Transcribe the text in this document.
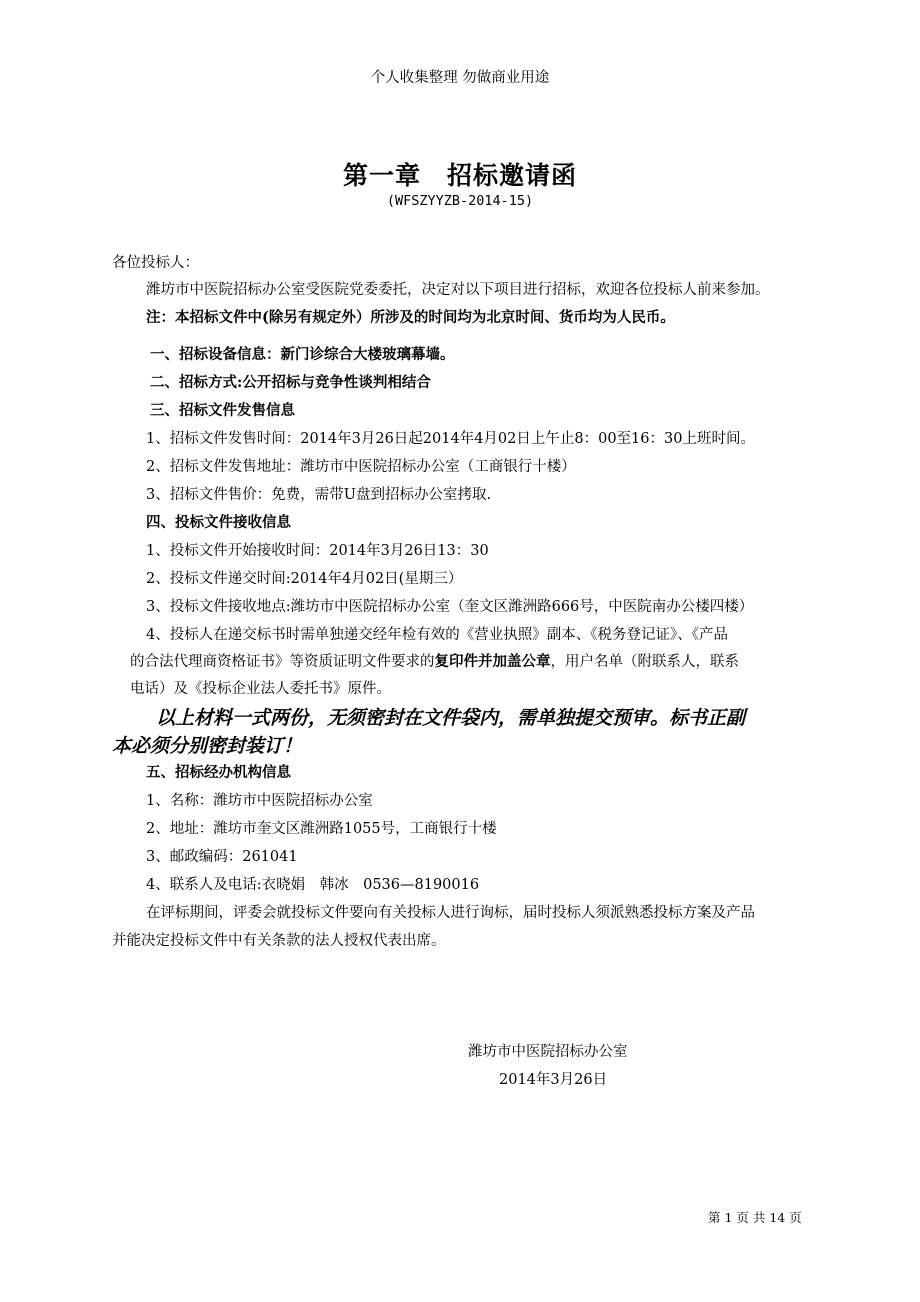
个人收集整理 勿做商业用途
第一章　招标邀请函
(WFSZYYZB-2014-15)
各位投标人：
潍坊市中医院招标办公室受医院党委委托，决定对以下项目进行招标，欢迎各位投标人前来参加。
注：本招标文件中(除另有规定外）所涉及的时间均为北京时间、货币均为人民币。
一、招标设备信息：新门诊综合大楼玻璃幕墙。
二、招标方式:公开招标与竞争性谈判相结合
三、招标文件发售信息
1、招标文件发售时间：2014年3月26日起2014年4月02日上午止8：00至16：30上班时间。
2、招标文件发售地址：潍坊市中医院招标办公室（工商银行十楼）
3、招标文件售价：免费，需带U盘到招标办公室拷取.
四、投标文件接收信息
1、投标文件开始接收时间：2014年3月26日13：30
2、投标文件递交时间:2014年4月02日(星期三）
3、投标文件接收地点:潍坊市中医院招标办公室（奎文区潍洲路666号，中医院南办公楼四楼）
4、投标人在递交标书时需单独递交经年检有效的《营业执照》副本、《税务登记证》、《产品
的合法代理商资格证书》等资质证明文件要求的复印件并加盖公章，用户名单（附联系人，联系
电话）及《投标企业法人委托书》原件。
以上材料一式两份，无须密封在文件袋内，需单独提交预审。标书正副
本必须分别密封装订！
五、招标经办机构信息
1、名称：潍坊市中医院招标办公室
2、地址：潍坊市奎文区潍洲路1055号，工商银行十楼
3、邮政编码：261041
4、联系人及电话:衣晓娟　韩冰　0536—8190016
在评标期间，评委会就投标文件要向有关投标人进行询标，届时投标人须派熟悉投标方案及产品
并能决定投标文件中有关条款的法人授权代表出席。
潍坊市中医院招标办公室
2014年3月26日
第 1 页 共 14 页
